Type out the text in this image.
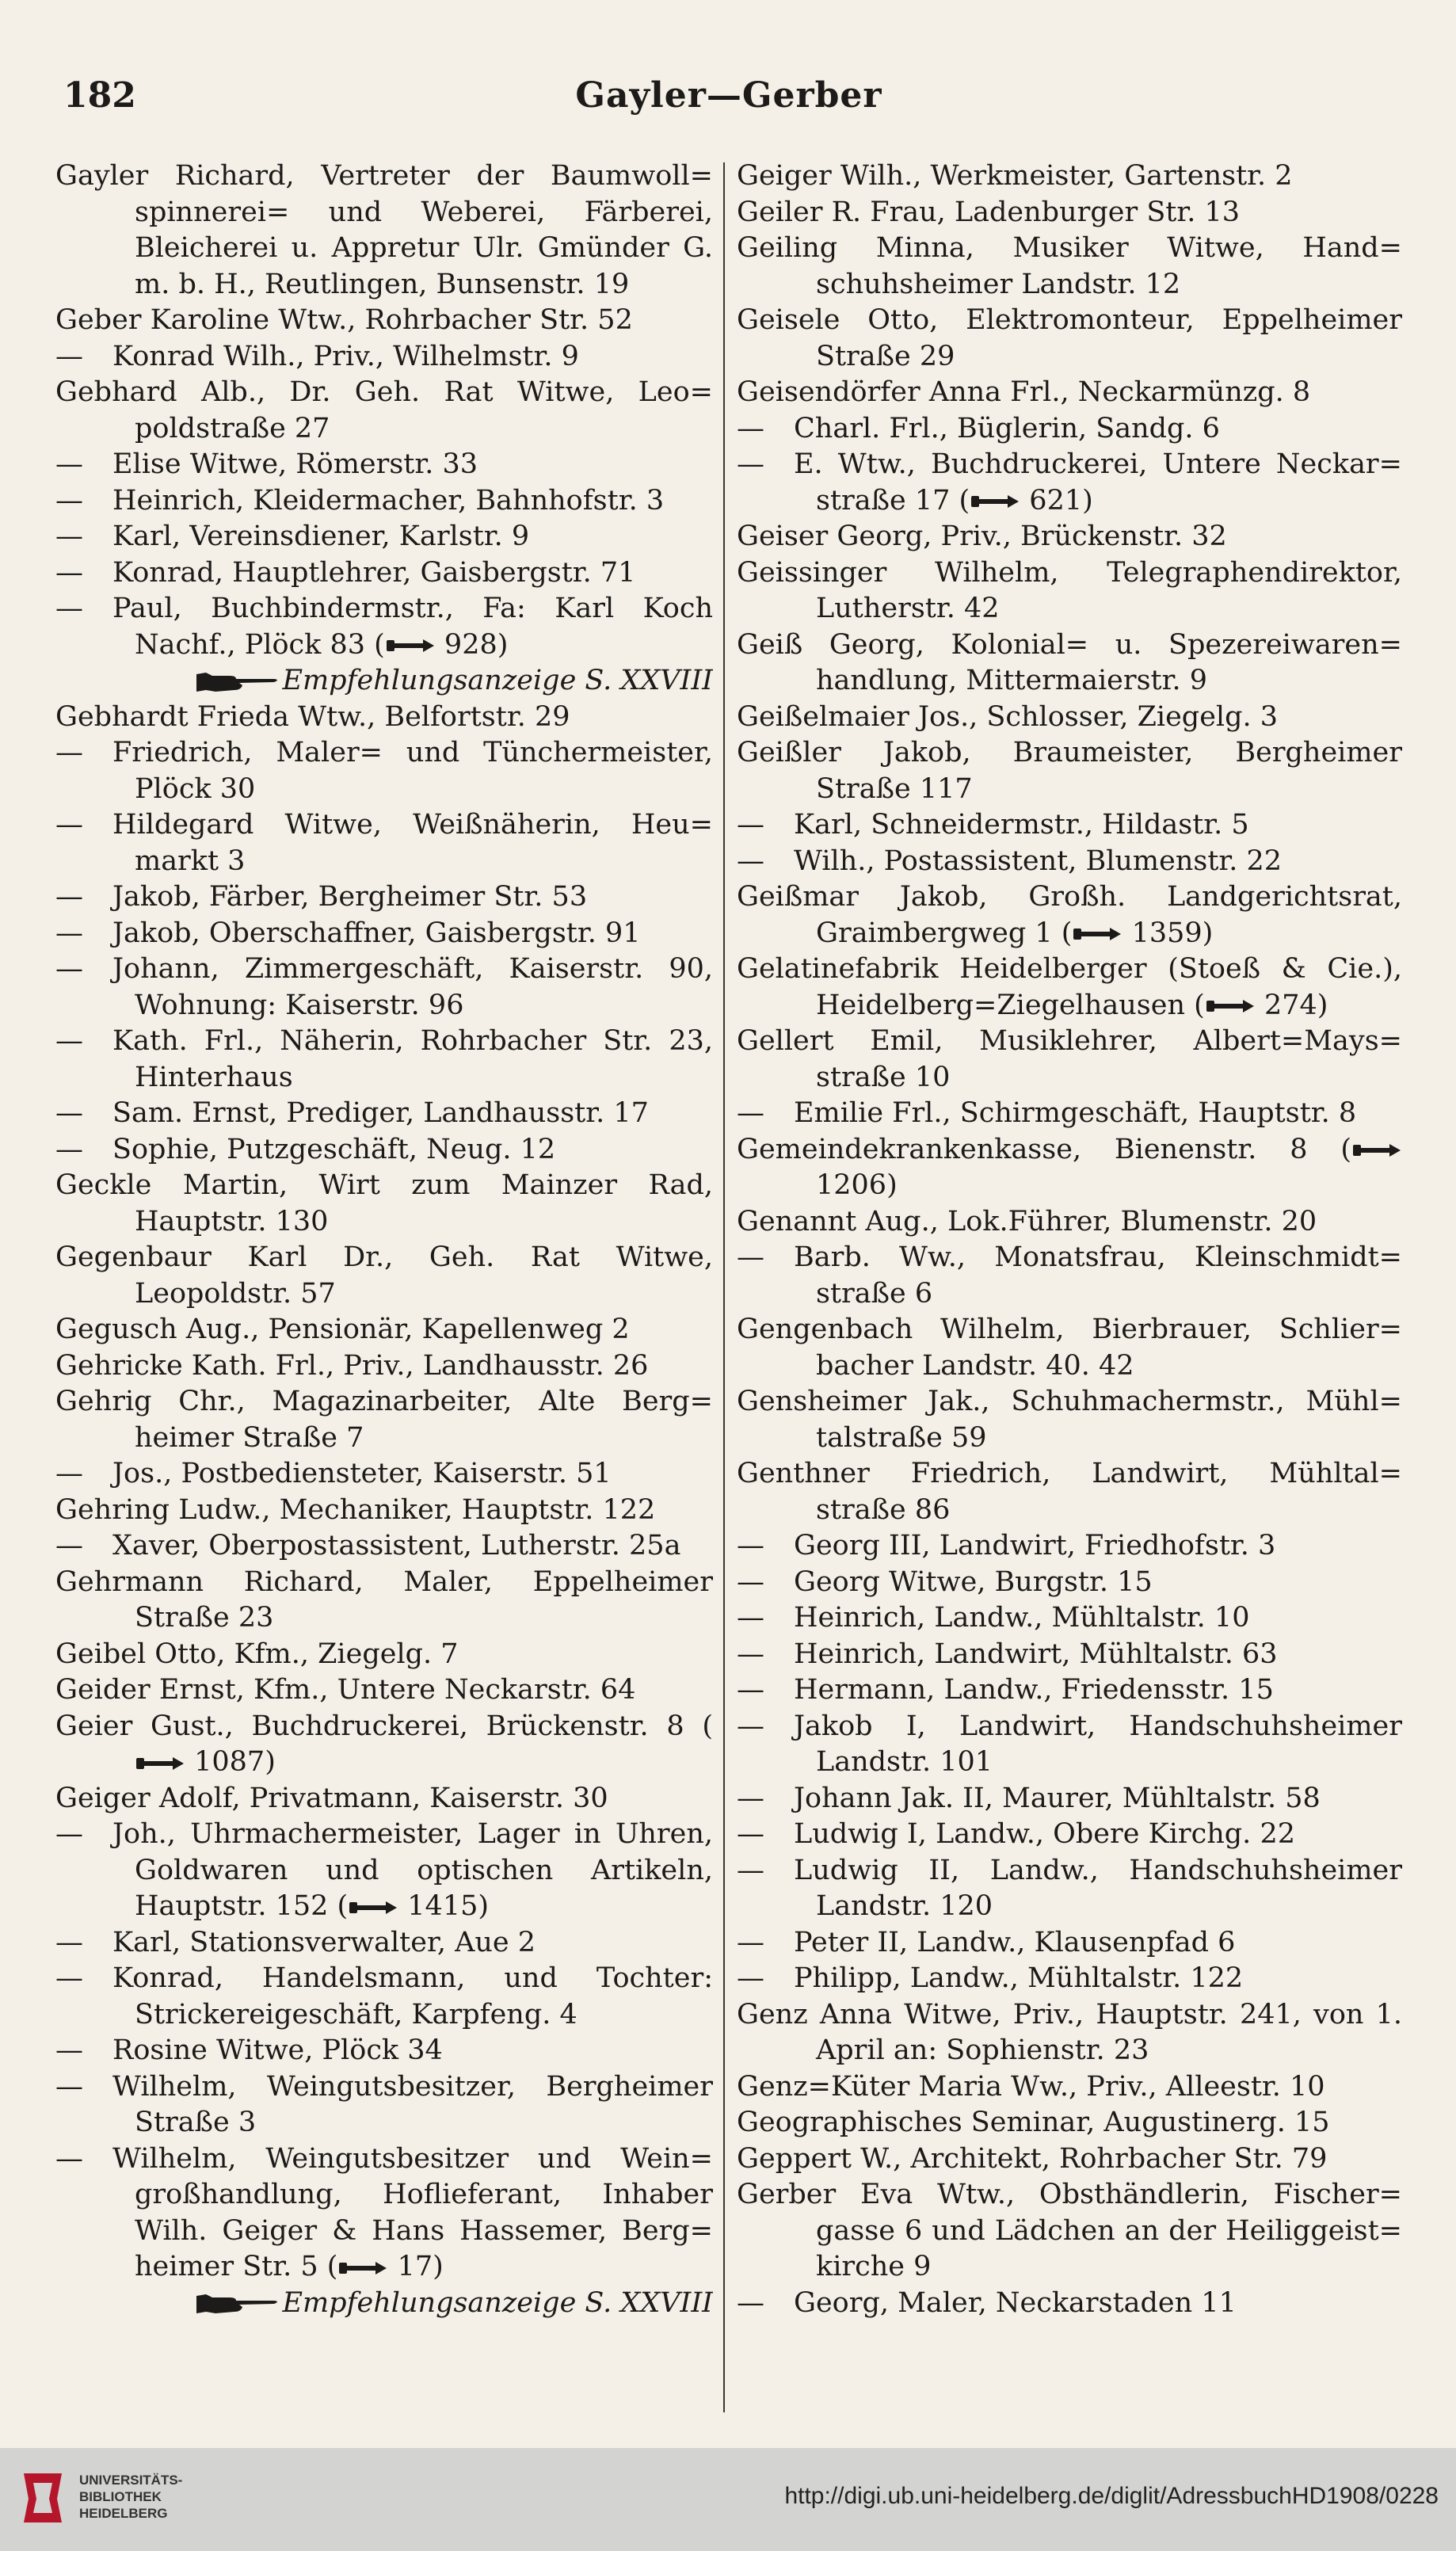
182	Gayler—Gerber

Gayler Richard, Vertreter der Baumwoll= spinnerei= und Weberei, Färberei, Bleicherei u. Appretur Ulr. Gmünder G. m. b. H., Reutlingen, Bunsenstr. 19

Geber Karoline Wtw., Rohrbacher Str. 52

— Konrad Wilh., Priv., Wilhelmstr. 9

Gebhard Alb., Dr. Geh. Rat Witwe, Leo= poldstraße 27

— Elise Witwe, Römerstr. 33

— Heinrich, Kleidermacher, Bahnhofstr. 3

— Karl, Vereinsdiener, Karlstr. 9

— Konrad, Hauptlehrer, Gaisbergstr. 71

— Paul, Buchbindermstr., Fa: Karl Koch Nachf., Plöck 83 ( 928)

Empfehlungsanzeige S. XXVIII

Gebhardt Frieda Wtw., Belfortstr. 29

— Friedrich, Maler= und Tünchermeister, Plöck 30

— Hildegard Witwe, Weißnäherin, Heu= markt 3

— Jakob, Färber, Bergheimer Str. 53

— Jakob, Oberschaffner, Gaisbergstr. 91

— Johann, Zimmergeschäft, Kaiserstr. 90, Wohnung: Kaiserstr. 96

— Kath. Frl., Näherin, Rohrbacher Str. 23, Hinterhaus

— Sam. Ernst, Prediger, Landhausstr. 17

— Sophie, Putzgeschäft, Neug. 12

Geckle Martin, Wirt zum Mainzer Rad, Hauptstr. 130

Gegenbaur Karl Dr., Geh. Rat Witwe, Leopoldstr. 57

Gegusch Aug., Pensionär, Kapellenweg 2

Gehricke Kath. Frl., Priv., Landhausstr. 26

Gehrig Chr., Magazinarbeiter, Alte Berg= heimer Straße 7

— Jos., Postbediensteter, Kaiserstr. 51

Gehring Ludw., Mechaniker, Hauptstr. 122

— Xaver, Oberpostassistent, Lutherstr. 25a

Gehrmann Richard, Maler, Eppelheimer Straße 23

Geibel Otto, Kfm., Ziegelg. 7

Geider Ernst, Kfm., Untere Neckarstr. 64

Geier Gust., Buchdruckerei, Brückenstr. 8 ( 1087)

Geiger Adolf, Privatmann, Kaiserstr. 30

— Joh., Uhrmachermeister, Lager in Uhren, Goldwaren und optischen Artikeln, Hauptstr. 152 ( 1415)

— Karl, Stationsverwalter, Aue 2

— Konrad, Handelsmann, und Tochter: Strickereigeschäft, Karpfeng. 4

— Rosine Witwe, Plöck 34

— Wilhelm, Weingutsbesitzer, Bergheimer Straße 3

— Wilhelm, Weingutsbesitzer und Wein= großhandlung, Hoflieferant, Inhaber Wilh. Geiger & Hans Hassemer, Berg= heimer Str. 5 ( 17)

Empfehlungsanzeige S. XXVIII

Geiger Wilh., Werkmeister, Gartenstr. 2

Geiler R. Frau, Ladenburger Str. 13

Geiling Minna, Musiker Witwe, Hand= schuhsheimer Landstr. 12

Geisele Otto, Elektromonteur, Eppelheimer Straße 29

Geisendörfer Anna Frl., Neckarmünzg. 8

— Charl. Frl., Büglerin, Sandg. 6

— E. Wtw., Buchdruckerei, Untere Neckar= straße 17 ( 621)

Geiser Georg, Priv., Brückenstr. 32

Geissinger Wilhelm, Telegraphendirektor, Lutherstr. 42

Geiß Georg, Kolonial= u. Spezereiwaren= handlung, Mittermaierstr. 9

Geißelmaier Jos., Schlosser, Ziegelg. 3

Geißler Jakob, Braumeister, Bergheimer Straße 117

— Karl, Schneidermstr., Hildastr. 5

— Wilh., Postassistent, Blumenstr. 22

Geißmar Jakob, Großh. Landgerichtsrat, Graimbergweg 1 ( 1359)

Gelatinefabrik Heidelberger (Stoeß & Cie.), Heidelberg=Ziegelhausen ( 274)

Gellert Emil, Musiklehrer, Albert=Mays= straße 10

— Emilie Frl., Schirmgeschäft, Hauptstr. 8

Gemeindekrankenkasse, Bienenstr. 8 ( 1206)

Genannt Aug., Lok.Führer, Blumenstr. 20

— Barb. Ww., Monatsfrau, Kleinschmidt= straße 6

Gengenbach Wilhelm, Bierbrauer, Schlier= bacher Landstr. 40. 42

Gensheimer Jak., Schuhmachermstr., Mühl= talstraße 59

Genthner Friedrich, Landwirt, Mühltal= straße 86

— Georg III, Landwirt, Friedhofstr. 3

— Georg Witwe, Burgstr. 15

— Heinrich, Landw., Mühltalstr. 10

— Heinrich, Landwirt, Mühltalstr. 63

— Hermann, Landw., Friedensstr. 15

— Jakob I, Landwirt, Handschuhsheimer Landstr. 101

— Johann Jak. II, Maurer, Mühltalstr. 58

— Ludwig I, Landw., Obere Kirchg. 22

— Ludwig II, Landw., Handschuhsheimer Landstr. 120

— Peter II, Landw., Klausenpfad 6

— Philipp, Landw., Mühltalstr. 122

Genz Anna Witwe, Priv., Hauptstr. 241, von 1. April an: Sophienstr. 23

Genz=Küter Maria Ww., Priv., Alleestr. 10

Geographisches Seminar, Augustinerg. 15

Geppert W., Architekt, Rohrbacher Str. 79

Gerber Eva Wtw., Obsthändlerin, Fischer= gasse 6 und Lädchen an der Heiliggeist= kirche 9

— Georg, Maler, Neckarstaden 11

UNIVERSITÄTS-
BIBLIOTHEK
HEIDELBERG
http://digi.ub.uni-heidelberg.de/diglit/AdressbuchHD1908/0228
